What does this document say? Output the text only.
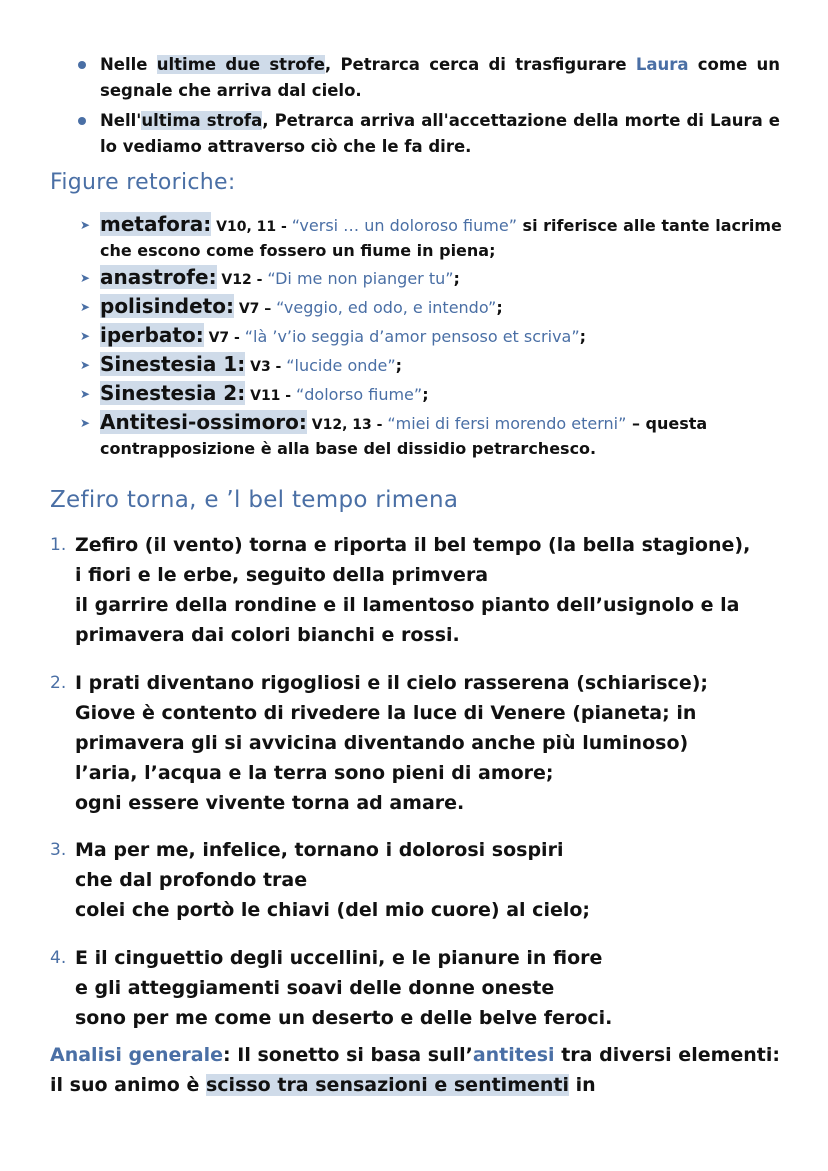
Nelle ultime due strofe, Petrarca cerca di trasfigurare Laura come un segnale che arriva dal cielo.
Nell'ultima strofa, Petrarca arriva all'accettazione della morte di Laura e lo vediamo attraverso ciò che le fa dire.
Figure retoriche:
➤ metafora: V10, 11 - “versi … un doloroso fiume” si riferisce alle tante lacrime che escono come fossero un fiume in piena;
➤ anastrofe: V12 - “Di me non pianger tu”;
➤ polisindeto: V7 – “veggio, ed odo, e intendo”;
➤ iperbato: V7 - “là ’v’io seggia d’amor pensoso et scriva”;
➤ Sinestesia 1: V3 - “lucide onde”;
➤ Sinestesia 2: V11 - “dolorso fiume”;
➤ Antitesi-ossimoro: V12, 13 - “miei di fersi morendo eterni” – questa contrapposizione è alla base del dissidio petrarchesco.
Zefiro torna, e ’l bel tempo rimena
1. Zefiro (il vento) torna e riporta il bel tempo (la bella stagione),
i fiori e le erbe, seguito della primvera
il garrire della rondine e il lamentoso pianto dell’usignolo e la
primavera dai colori bianchi e rossi.
2. I prati diventano rigogliosi e il cielo rasserena (schiarisce);
Giove è contento di rivedere la luce di Venere (pianeta; in
primavera gli si avvicina diventando anche più luminoso)
l’aria, l’acqua e la terra sono pieni di amore;
ogni essere vivente torna ad amare.
3. Ma per me, infelice, tornano i dolorosi sospiri
che dal profondo trae
colei che portò le chiavi (del mio cuore) al cielo;
4. E il cinguettio degli uccellini, e le pianure in fiore
e gli atteggiamenti soavi delle donne oneste
sono per me come un deserto e delle belve feroci.
Analisi generale: Il sonetto si basa sull’antitesi tra diversi elementi: il suo animo è scisso tra sensazioni e sentimenti in
